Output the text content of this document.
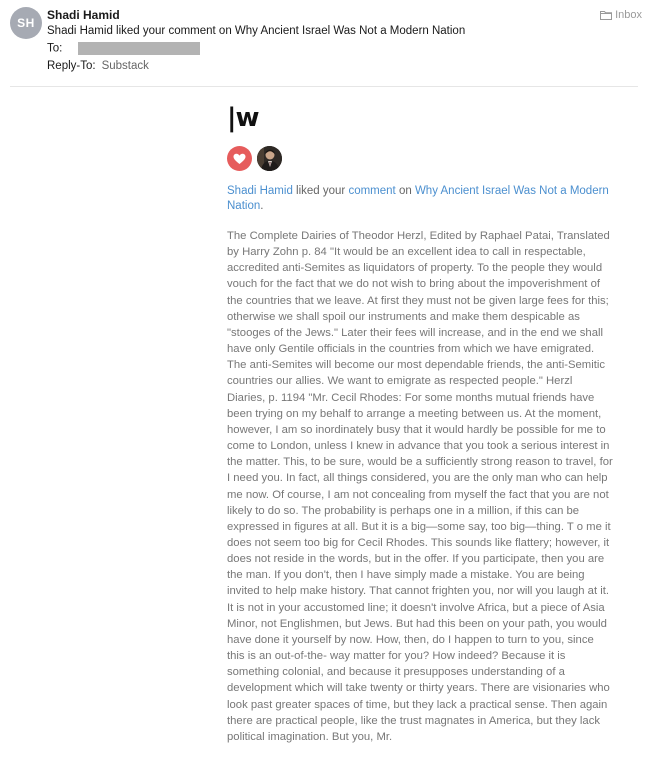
SH
Shadi Hamid
Shadi Hamid liked your comment on Why Ancient Israel Was Not a Modern Nation
To:
Reply-To: Substack
Inbox
|w
Shadi Hamid liked your comment on Why Ancient Israel Was Not a Modern Nation.
The Complete Dairies of Theodor Herzl, Edited by Raphael Patai, Translated by Harry Zohn p. 84 "It would be an excellent idea to call in respectable, accredited anti-Semites as liquidators of property. To the people they would vouch for the fact that we do not wish to bring about the impoverishment of the countries that we leave. At first they must not be given large fees for this; otherwise we shall spoil our instruments and make them despicable as "stooges of the Jews." Later their fees will increase, and in the end we shall have only Gentile officials in the countries from which we have emigrated. The anti-Semites will become our most dependable friends, the anti-Semitic countries our allies. We want to emigrate as respected people." Herzl Diaries, p. 1194 "Mr. Cecil Rhodes: For some months mutual friends have been trying on my behalf to arrange a meeting between us. At the moment, however, I am so inordinately busy that it would hardly be possible for me to come to London, unless I knew in advance that you took a serious interest in the matter. This, to be sure, would be a sufficiently strong reason to travel, for I need you. In fact, all things considered, you are the only man who can help me now. Of course, I am not concealing from myself the fact that you are not likely to do so. The probability is perhaps one in a million, if this can be expressed in figures at all. But it is a big—some say, too big—thing. T o me it does not seem too big for Cecil Rhodes. This sounds like flattery; however, it does not reside in the words, but in the offer. If you participate, then you are the man. If you don't, then I have simply made a mistake. You are being invited to help make history. That cannot frighten you, nor will you laugh at it. It is not in your accustomed line; it doesn't involve Africa, but a piece of Asia Minor, not Englishmen, but Jews. But had this been on your path, you would have done it yourself by now. How, then, do I happen to turn to you, since this is an out-of-the- way matter for you? How indeed? Because it is something colonial, and because it presupposes understanding of a development which will take twenty or thirty years. There are visionaries who look past greater spaces of time, but they lack a practical sense. Then again there are practical people, like the trust magnates in America, but they lack political imagination. But you, Mr.
